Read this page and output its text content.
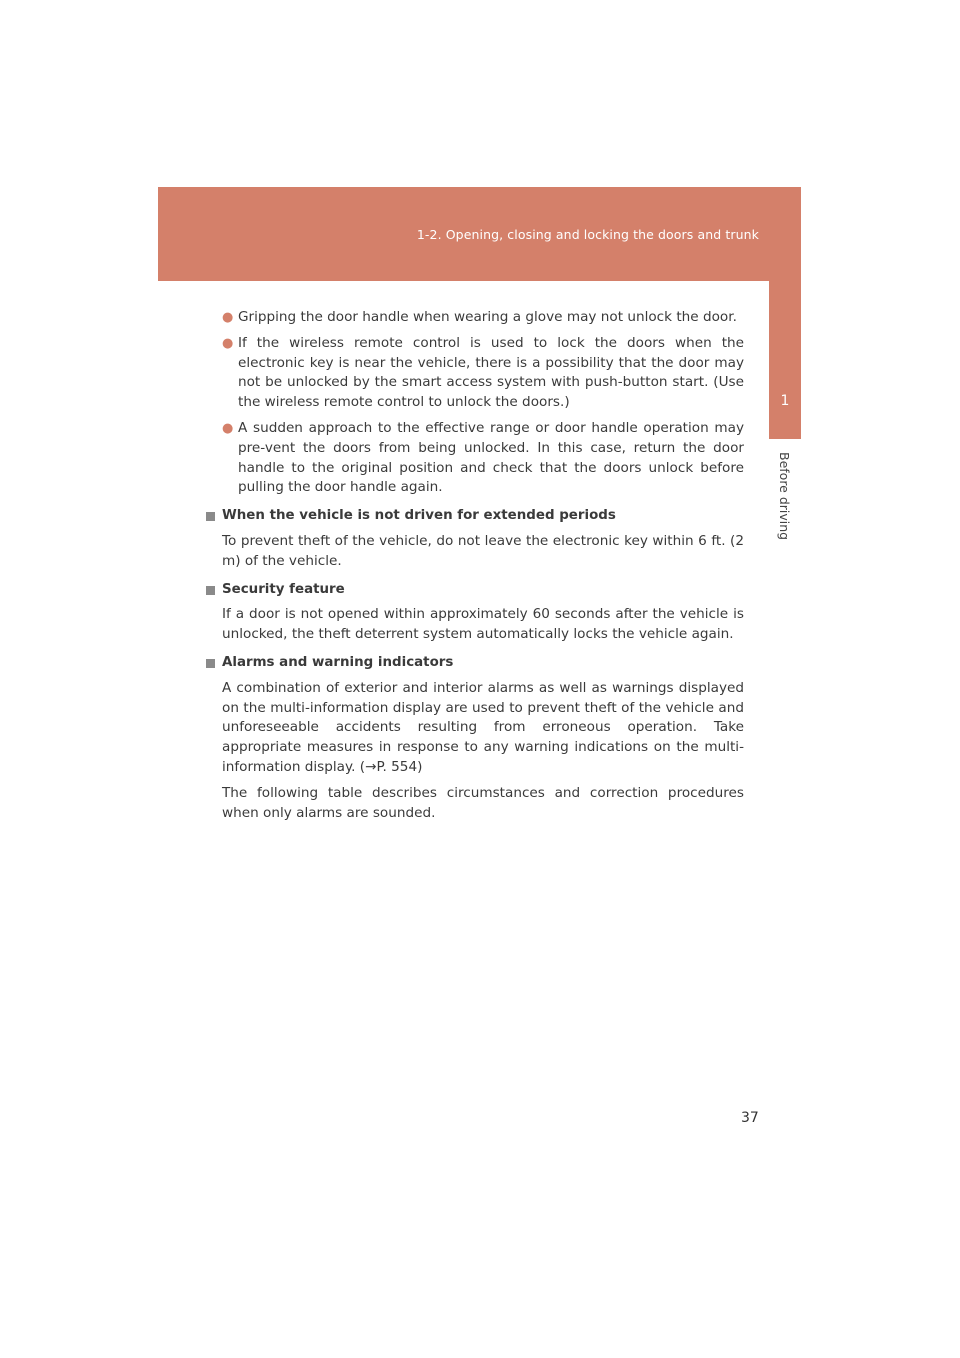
1-2. Opening, closing and locking the doors and trunk
1
Before driving
● Gripping the door handle when wearing a glove may not unlock the door.
● If the wireless remote control is used to lock the doors when the electronic key is near the vehicle, there is a possibility that the door may not be unlocked by the smart access system with push-button start. (Use the wireless remote control to unlock the doors.)
● A sudden approach to the effective range or door handle operation may pre-vent the doors from being unlocked. In this case, return the door handle to the original position and check that the doors unlock before pulling the door handle again.
When the vehicle is not driven for extended periods

To prevent theft of the vehicle, do not leave the electronic key within 6 ft. (2 m) of the vehicle.

Security feature

If a door is not opened within approximately 60 seconds after the vehicle is unlocked, the theft deterrent system automatically locks the vehicle again.

Alarms and warning indicators

A combination of exterior and interior alarms as well as warnings displayed on the multi-information display are used to prevent theft of the vehicle and unforeseeable accidents resulting from erroneous operation. Take appropriate measures in response to any warning indications on the multi-information display. (→P. 554)

The following table describes circumstances and correction procedures when only alarms are sounded.

37
